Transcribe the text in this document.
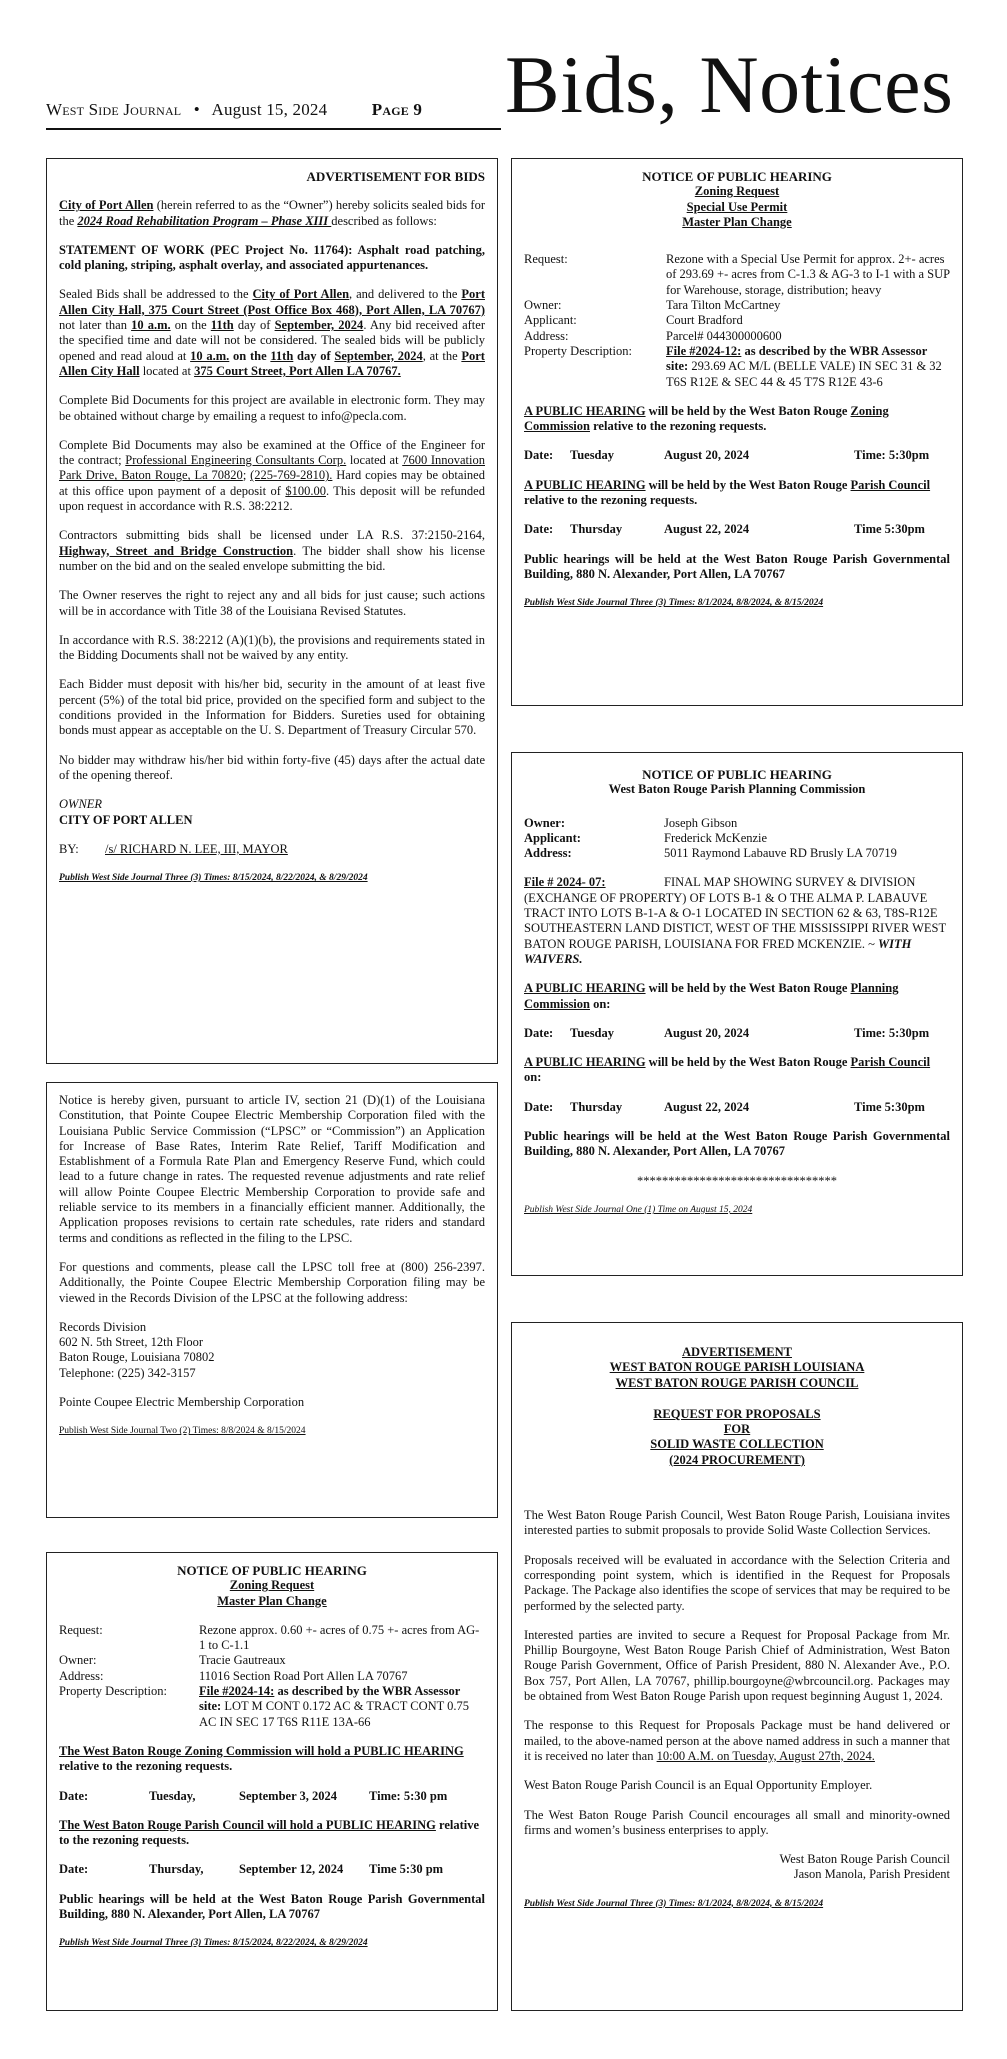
West Side Journal • August 15, 2024	Page 9 Bids, Notices
ADVERTISEMENT FOR BIDS

City of Port Allen (herein referred to as the “Owner”) hereby solicits sealed bids for the 2024 Road Rehabilitation Program – Phase XIII described as follows:

STATEMENT OF WORK (PEC Project No. 11764): Asphalt road patching, cold planing, striping, asphalt overlay, and associated appurtenances.

Sealed Bids shall be addressed to the City of Port Allen, and delivered to the Port Allen City Hall, 375 Court Street (Post Office Box 468), Port Allen, LA 70767) not later than 10 a.m. on the 11th day of September, 2024. Any bid received after the specified time and date will not be considered. The sealed bids will be publicly opened and read aloud at 10 a.m. on the 11th day of September, 2024, at the Port Allen City Hall located at 375 Court Street, Port Allen LA 70767.

Complete Bid Documents for this project are available in electronic form. They may be obtained without charge by emailing a request to info@pecla.com.

Complete Bid Documents may also be examined at the Office of the Engineer for the contract; Professional Engineering Consultants Corp. located at 7600 Innovation Park Drive, Baton Rouge, La 70820; (225-769-2810). Hard copies may be obtained at this office upon payment of a deposit of $100.00. This deposit will be refunded upon request in accordance with R.S. 38:2212.

Contractors submitting bids shall be licensed under LA R.S. 37:2150-2164, Highway, Street and Bridge Construction. The bidder shall show his license number on the bid and on the sealed envelope submitting the bid.

The Owner reserves the right to reject any and all bids for just cause; such actions will be in accordance with Title 38 of the Louisiana Revised Statutes.

In accordance with R.S. 38:2212 (A)(1)(b), the provisions and requirements stated in the Bidding Documents shall not be waived by any entity.

Each Bidder must deposit with his/her bid, security in the amount of at least five percent (5%) of the total bid price, provided on the specified form and subject to the conditions provided in the Information for Bidders. Sureties used for obtaining bonds must appear as acceptable on the U. S. Department of Treasury Circular 570.

No bidder may withdraw his/her bid within forty-five (45) days after the actual date of the opening thereof.

OWNER
CITY OF PORT ALLEN
BY: /s/ RICHARD N. LEE, III, MAYOR
Publish West Side Journal Three (3) Times: 8/15/2024, 8/22/2024, & 8/29/2024

Notice is hereby given, pursuant to article IV, section 21 (D)(1) of the Louisiana Constitution, that Pointe Coupee Electric Membership Corporation filed with the Louisiana Public Service Commission (“LPSC” or “Commission”) an Application for Increase of Base Rates, Interim Rate Relief, Tariff Modification and Establishment of a Formula Rate Plan and Emergency Reserve Fund, which could lead to a future change in rates. The requested revenue adjustments and rate relief will allow Pointe Coupee Electric Membership Corporation to provide safe and reliable service to its members in a financially efficient manner. Additionally, the Application proposes revisions to certain rate schedules, rate riders and standard terms and conditions as reflected in the filing to the LPSC.

For questions and comments, please call the LPSC toll free at (800) 256-2397. Additionally, the Pointe Coupee Electric Membership Corporation filing may be viewed in the Records Division of the LPSC at the following address:

Records Division
602 N. 5th Street, 12th Floor
Baton Rouge, Louisiana 70802
Telephone: (225) 342-3157
Pointe Coupee Electric Membership Corporation
Publish West Side Journal Two (2) Times: 8/8/2024 & 8/15/2024
NOTICE OF PUBLIC HEARING
Zoning Request
Master Plan Change
Request:	Rezone approx. 0.60 +- acres of 0.75 +- acres from AG-1 to C-1.1
Owner:	Tracie Gautreaux
Address:	11016 Section Road Port Allen LA 70767
Property Description:	File #2024-14: as described by the WBR Assessor site: LOT M CONT 0.172 AC & TRACT CONT 0.75 AC IN SEC 17 T6S R11E 13A-66

The West Baton Rouge Zoning Commission will hold a PUBLIC HEARING relative to the rezoning requests.

Date:	Tuesday,	September 3, 2024	Time: 5:30 pm

The West Baton Rouge Parish Council will hold a PUBLIC HEARING relative to the rezoning requests.

Date:	Thursday,	September 12, 2024	Time 5:30 pm

Public hearings will be held at the West Baton Rouge Parish Governmental Building, 880 N. Alexander, Port Allen, LA 70767

Publish West Side Journal Three (3) Times: 8/15/2024, 8/22/2024, & 8/29/2024
NOTICE OF PUBLIC HEARING
Zoning Request
Special Use Permit
Master Plan Change
Request:	Rezone with a Special Use Permit for approx. 2+- acres of 293.69 +- acres from C-1.3 & AG-3 to I-1 with a SUP for Warehouse, storage, distribution; heavy
Owner:	Tara Tilton McCartney
Applicant:	Court Bradford
Address:	Parcel# 044300000600
Property Description:	File #2024-12: as described by the WBR Assessor site: 293.69 AC M/L (BELLE VALE) IN SEC 31 & 32 T6S R12E & SEC 44 & 45 T7S R12E 43-6

A PUBLIC HEARING will be held by the West Baton Rouge Zoning Commission relative to the rezoning requests.

Date:	Tuesday	August 20, 2024	Time: 5:30pm

A PUBLIC HEARING will be held by the West Baton Rouge Parish Council relative to the rezoning requests.

Date:	Thursday	August 22, 2024	Time 5:30pm

Public hearings will be held at the West Baton Rouge Parish Governmental Building, 880 N. Alexander, Port Allen, LA 70767

Publish West Side Journal Three (3) Times: 8/1/2024, 8/8/2024, & 8/15/2024
NOTICE OF PUBLIC HEARING
West Baton Rouge Parish Planning Commission
Owner:	Joseph Gibson
Applicant:	Frederick McKenzie
Address:	5011 Raymond Labauve RD Brusly LA 70719

File # 2024- 07:	FINAL MAP SHOWING SURVEY & DIVISION (EXCHANGE OF PROPERTY) OF LOTS B-1 & O THE ALMA P. LABAUVE TRACT INTO LOTS B-1-A & O-1 LOCATED IN SECTION 62 & 63, T8S-R12E SOUTHEASTERN LAND DISTICT, WEST OF THE MISSISSIPPI RIVER WEST BATON ROUGE PARISH, LOUISIANA FOR FRED MCKENZIE. ~ WITH WAIVERS.

A PUBLIC HEARING will be held by the West Baton Rouge Planning Commission on:

Date:	Tuesday	August 20, 2024	Time: 5:30pm

A PUBLIC HEARING will be held by the West Baton Rouge Parish Council on:

Date:	Thursday	August 22, 2024	Time 5:30pm

Public hearings will be held at the West Baton Rouge Parish Governmental Building, 880 N. Alexander, Port Allen, LA 70767

********************************
Publish West Side Journal One (1) Time on August 15, 2024
ADVERTISEMENT
WEST BATON ROUGE PARISH LOUISIANA
WEST BATON ROUGE PARISH COUNCIL
REQUEST FOR PROPOSALS
FOR
SOLID WASTE COLLECTION
(2024 PROCUREMENT)

The West Baton Rouge Parish Council, West Baton Rouge Parish, Louisiana invites interested parties to submit proposals to provide Solid Waste Collection Services.

Proposals received will be evaluated in accordance with the Selection Criteria and corresponding point system, which is identified in the Request for Proposals Package. The Package also identifies the scope of services that may be required to be performed by the selected party.

Interested parties are invited to secure a Request for Proposal Package from Mr. Phillip Bourgoyne, West Baton Rouge Parish Chief of Administration, West Baton Rouge Parish Government, Office of Parish President, 880 N. Alexander Ave., P.O. Box 757, Port Allen, LA 70767, phillip.bourgoyne@wbrcouncil.org. Packages may be obtained from West Baton Rouge Parish upon request beginning August 1, 2024.

The response to this Request for Proposals Package must be hand delivered or mailed, to the above-named person at the above named address in such a manner that it is received no later than 10:00 A.M. on Tuesday, August 27th, 2024.

West Baton Rouge Parish Council is an Equal Opportunity Employer.

The West Baton Rouge Parish Council encourages all small and minority-owned firms and women’s business enterprises to apply.

West Baton Rouge Parish Council
Jason Manola, Parish President
Publish West Side Journal Three (3) Times: 8/1/2024, 8/8/2024, & 8/15/2024
